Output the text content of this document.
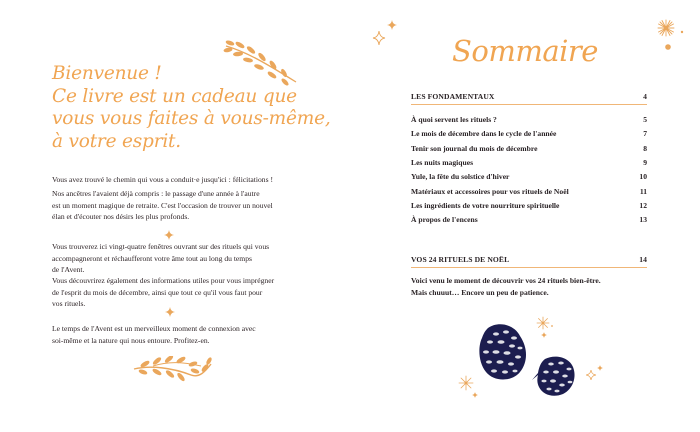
Bienvenue !
Ce livre est un cadeau que
vous vous faites à vous-même,
à votre esprit.

Vous avez trouvé le chemin qui vous a conduit·e jusqu'ici : félicitations !

Nos ancêtres l'avaient déjà compris : le passage d'une année à l'autre

est un moment magique de retraite. C'est l'occasion de trouver un nouvel

élan et d'écouter nos désirs les plus profonds.

Vous trouverez ici vingt-quatre fenêtres ouvrant sur des rituels qui vous

accompagneront et réchaufferont votre âme tout au long du temps

de l'Avent.

Vous découvrirez également des informations utiles pour vous imprégner

de l'esprit du mois de décembre, ainsi que tout ce qu'il vous faut pour

vos rituels.

Le temps de l'Avent est un merveilleux moment de connexion avec

soi-même et la nature qui nous entoure. Profitez-en.

Sommaire
LES FONDAMENTAUX	4
À quoi servent les rituels ?	5
Le mois de décembre dans le cycle de l'année	7
Tenir son journal du mois de décembre	8
Les nuits magiques	9
Yule, la fête du solstice d'hiver	10
Matériaux et accessoires pour vos rituels de Noël	11
Les ingrédients de votre nourriture spirituelle	12
À propos de l'encens	13
VOS 24 RITUELS DE NOËL	14
Voici venu le moment de découvrir vos 24 rituels bien-être.
Mais chuuut… Encore un peu de patience.
